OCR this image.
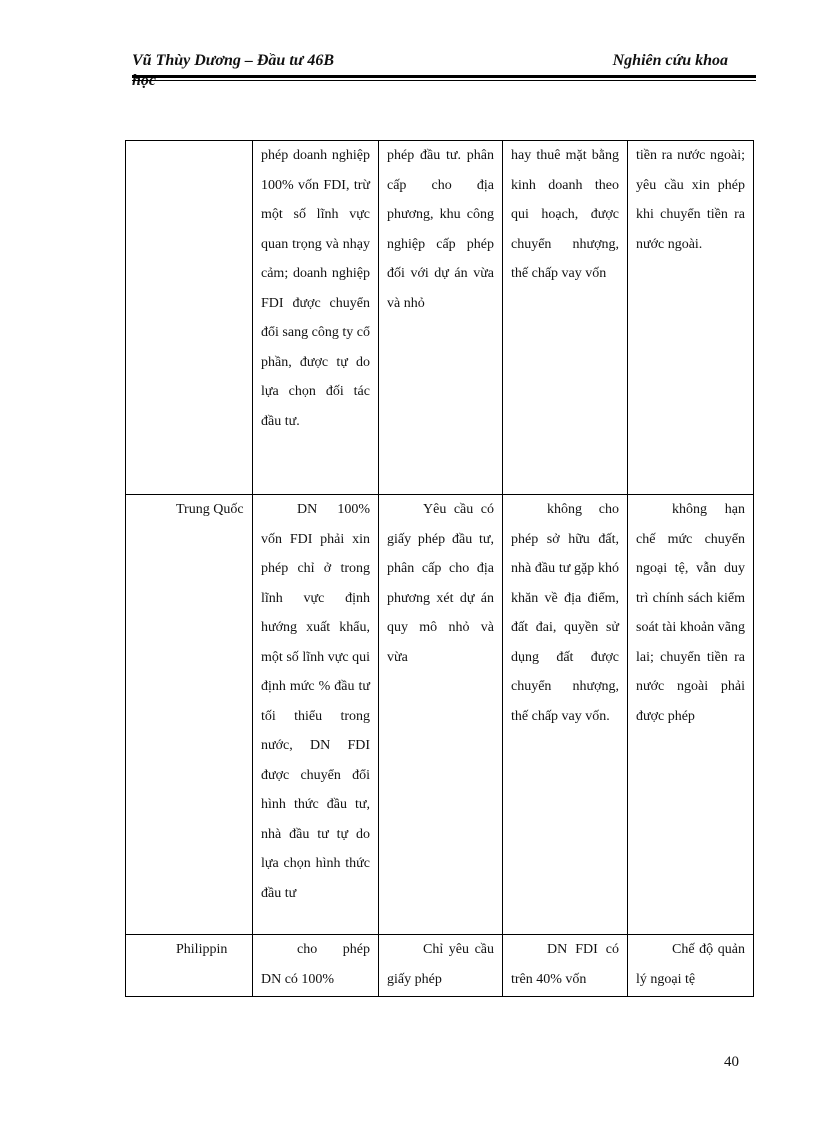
Vũ Thùy Dương – Đầu tư 46B	Nghiên cứu khoa
học
	phép doanh nghiệp 100% vốn FDI, trừ một số lĩnh vực quan trọng và nhạy cảm; doanh nghiệp FDI được chuyển đổi sang công ty cổ phần, được tự do lựa chọn đối tác đầu tư.	phép đầu tư. phân cấp cho địa phương, khu công nghiệp cấp phép đối với dự án vừa và nhỏ	hay thuê mặt bằng kinh doanh theo qui hoạch, được chuyển nhượng, thế chấp vay vốn	tiền ra nước ngoài; yêu cầu xin phép khi chuyển tiền ra nước ngoài.

Trung Quốc	DN 100% vốn FDI phải xin phép chỉ ở trong lĩnh vực định hướng xuất khẩu, một số lĩnh vực qui định mức % đầu tư tối thiểu trong nước, DN FDI được chuyển đổi hình thức đầu tư, nhà đầu tư tự do lựa chọn hình thức đầu tư	Yêu cầu có giấy phép đầu tư, phân cấp cho địa phương xét dự án quy mô nhỏ và vừa	không cho phép sở hữu đất, nhà đầu tư gặp khó khăn về địa điểm, đất đai, quyền sử dụng đất được chuyển nhượng, thế chấp vay vốn.	không hạn chế mức chuyển ngoại tệ, vẫn duy trì chính sách kiểm soát tài khoản vãng lai; chuyển tiền ra nước ngoài phải được phép

Philippin	cho phép DN có 100%	Chỉ yêu cầu giấy phép	DN FDI có trên 40% vốn	Chế độ quản lý ngoại tệ
40
